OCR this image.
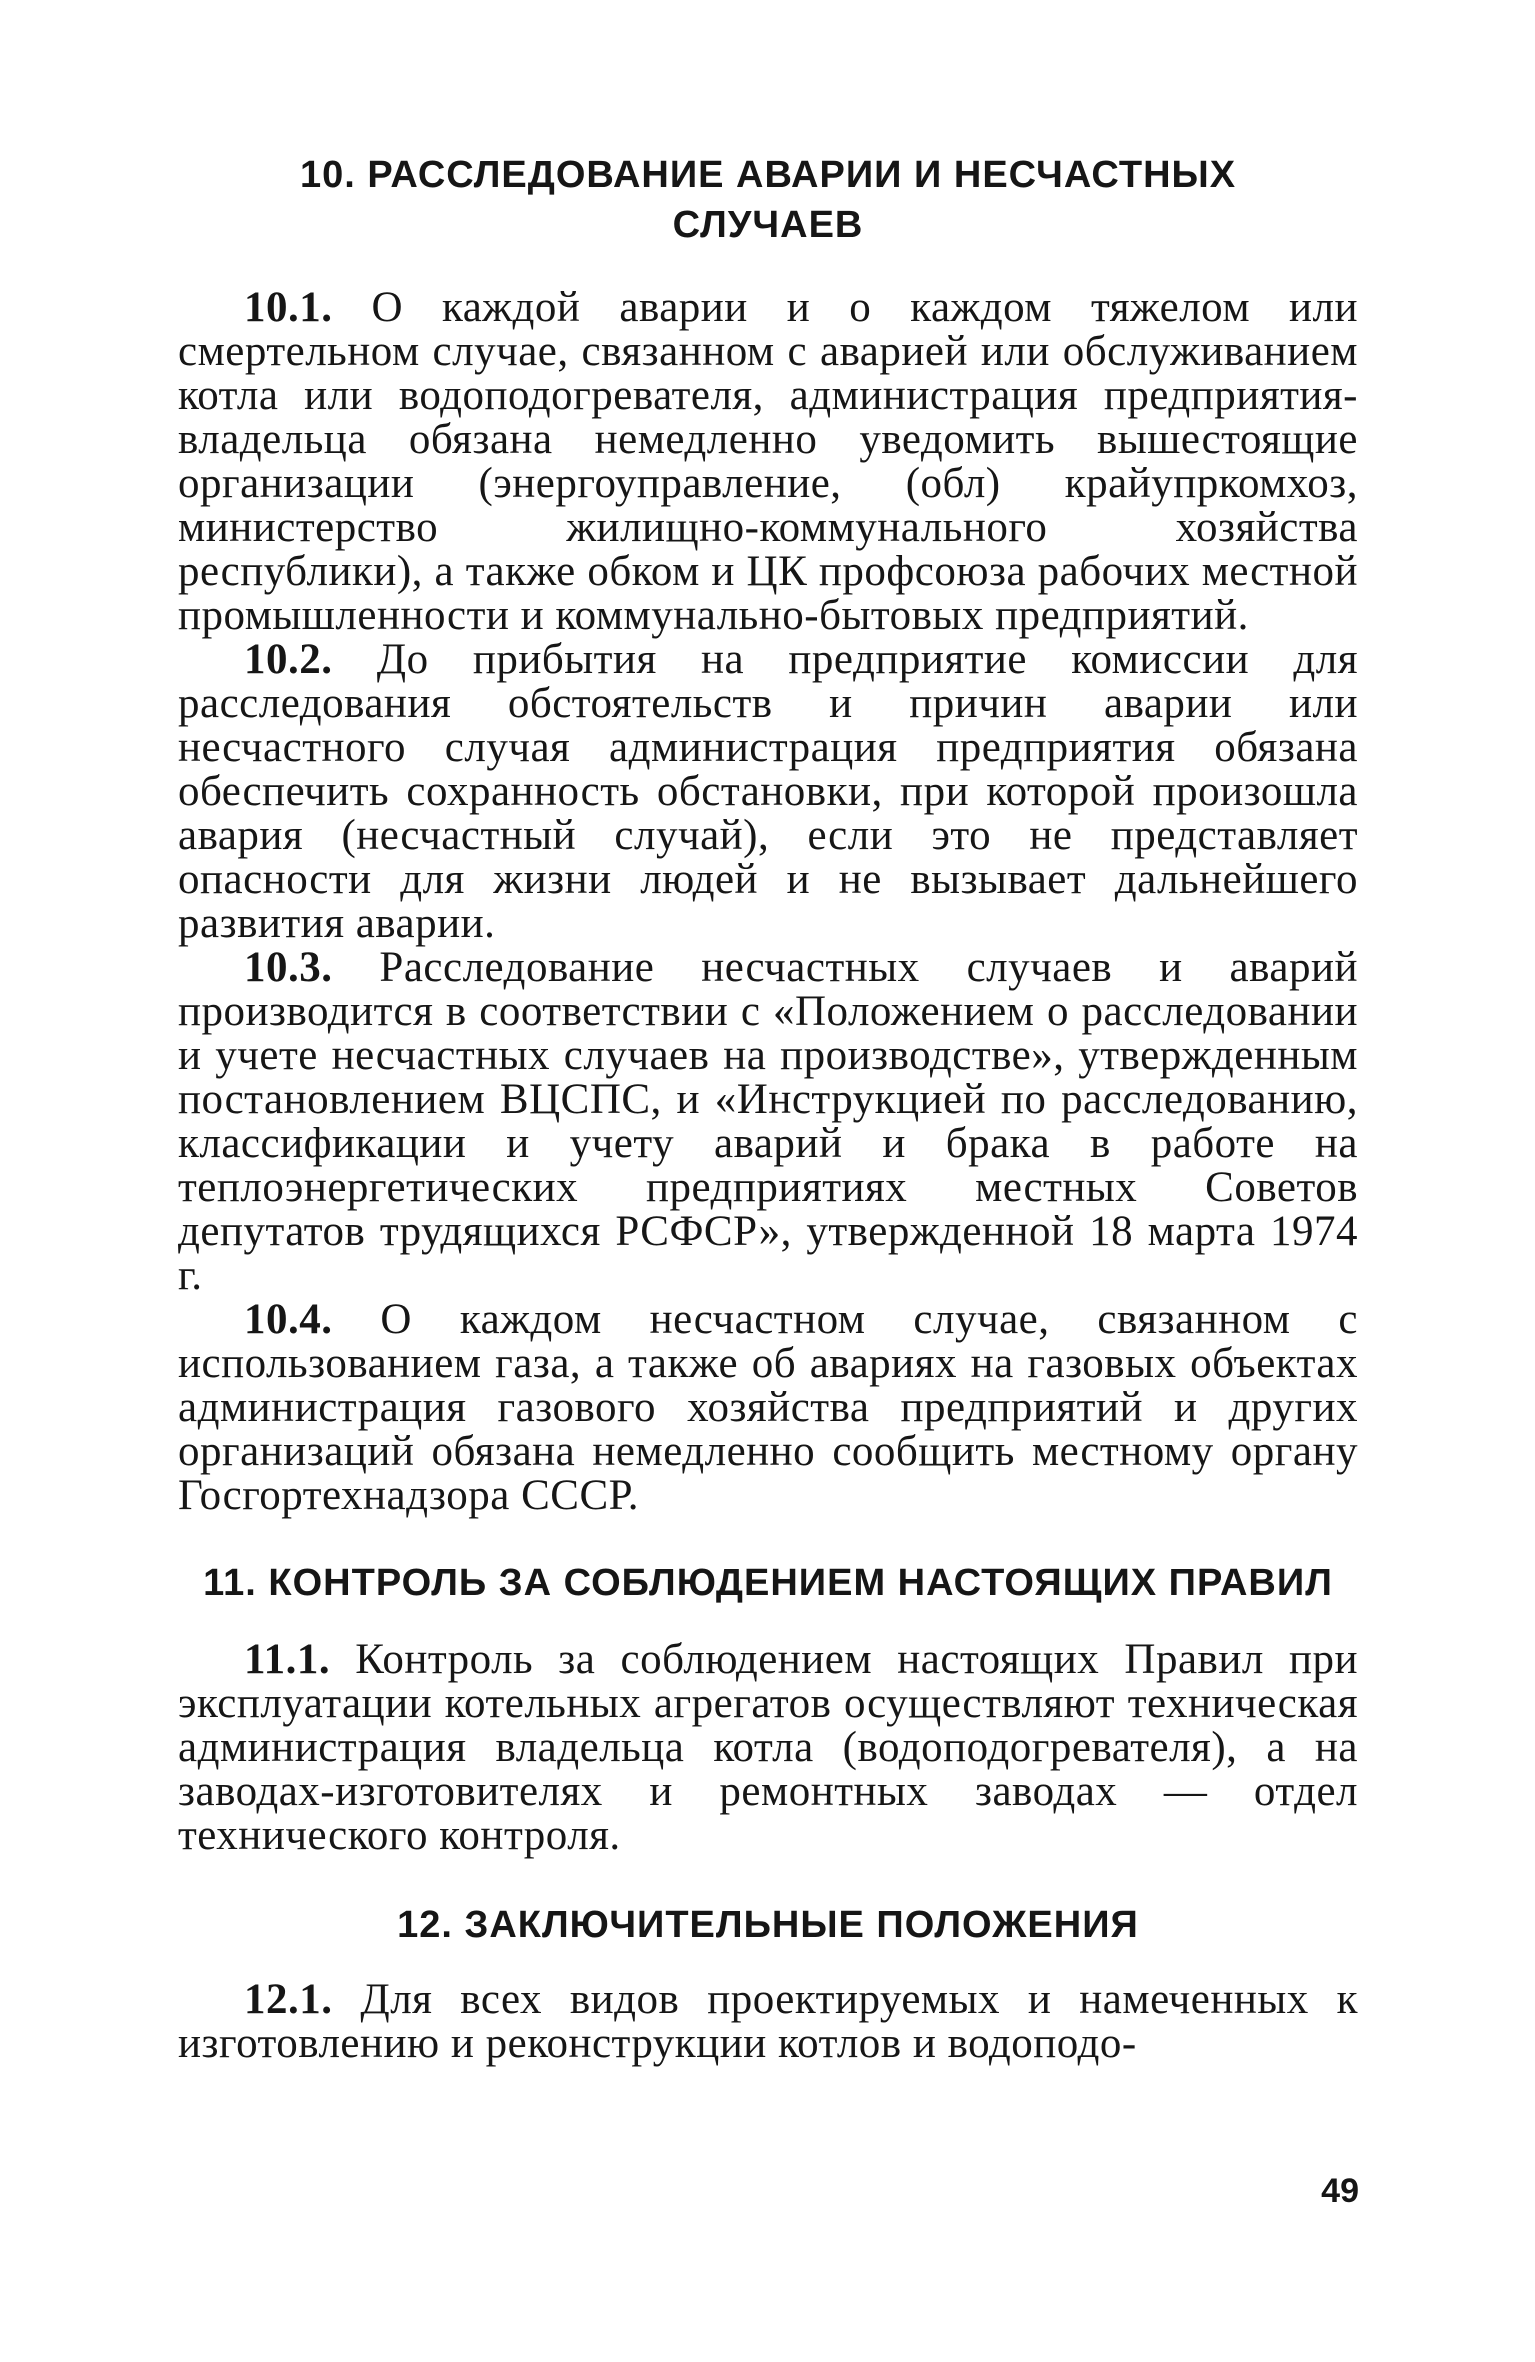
10. РАССЛЕДОВАНИЕ АВАРИИ И НЕСЧАСТНЫХ
СЛУЧАЕВ

10.1. О каждой аварии и о каждом тяжелом или смертельном случае, связанном с аварией или обслуживанием котла или водоподогревателя, администрация предприятия-владельца обязана немедленно уведомить вышестоящие организации (энергоуправление, (обл) крайупркомхоз, министерство жилищно-коммунального хозяйства республики), а также обком и ЦК профсоюза рабочих местной промышленности и коммунально-бытовых предприятий.

10.2. До прибытия на предприятие комиссии для расследования обстоятельств и причин аварии или несчастного случая администрация предприятия обязана обеспечить сохранность обстановки, при которой произошла авария (несчастный случай), если это не представляет опасности для жизни людей и не вызывает дальнейшего развития аварии.

10.3. Расследование несчастных случаев и аварий производится в соответствии с «Положением о расследовании и учете несчастных случаев на производстве», утвержденным постановлением ВЦСПС, и «Инструкцией по расследованию, классификации и учету аварий и брака в работе на теплоэнергетических предприятиях местных Советов депутатов трудящихся РСФСР», утвержденной 18 марта 1974 г.

10.4. О каждом несчастном случае, связанном с использованием газа, а также об авариях на газовых объектах администрация газового хозяйства предприятий и других организаций обязана немедленно сообщить местному органу Госгортехнадзора СССР.

11. КОНТРОЛЬ ЗА СОБЛЮДЕНИЕМ НАСТОЯЩИХ ПРАВИЛ

11.1. Контроль за соблюдением настоящих Правил при эксплуатации котельных агрегатов осуществляют техническая администрация владельца котла (водоподогревателя), а на заводах-изготовителях и ремонтных заводах — отдел технического контроля.

12. ЗАКЛЮЧИТЕЛЬНЫЕ ПОЛОЖЕНИЯ

12.1. Для всех видов проектируемых и намеченных к изготовлению и реконструкции котлов и водоподо-

49
